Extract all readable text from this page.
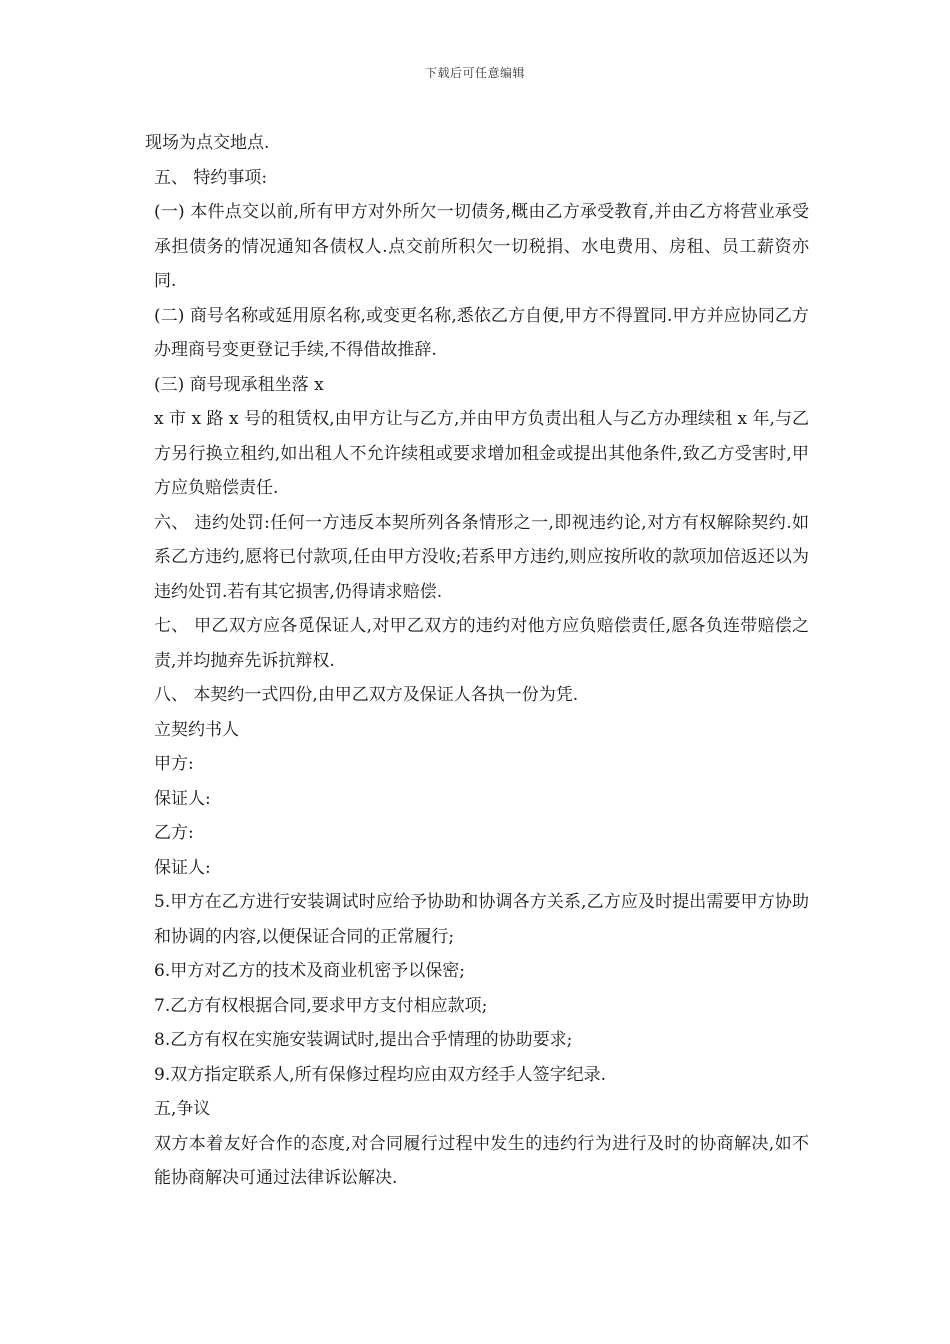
下载后可任意编辑

现场为点交地点.

五、 特约事项:

(一) 本件点交以前,所有甲方对外所欠一切债务,概由乙方承受教育,并由乙方将营业承受承担债务的情况通知各债权人.点交前所积欠一切税捐、水电费用、房租、员工薪资亦同.

(二) 商号名称或延用原名称,或变更名称,悉依乙方自便,甲方不得置同.甲方并应协同乙方办理商号变更登记手续,不得借故推辞.

(三) 商号现承租坐落 x

x 市 x 路 x 号的租赁权,由甲方让与乙方,并由甲方负责出租人与乙方办理续租 x 年,与乙方另行换立租约,如出租人不允许续租或要求增加租金或提出其他条件,致乙方受害时,甲方应负赔偿责任.

六、 违约处罚:任何一方违反本契所列各条情形之一,即视违约论,对方有权解除契约.如系乙方违约,愿将已付款项,任由甲方没收;若系甲方违约,则应按所收的款项加倍返还以为违约处罚.若有其它损害,仍得请求赔偿.

七、 甲乙双方应各觅保证人,对甲乙双方的违约对他方应负赔偿责任,愿各负连带赔偿之责,并均抛弃先诉抗辩权.

八、 本契约一式四份,由甲乙双方及保证人各执一份为凭.

立契约书人

甲方:

保证人:

乙方:

保证人:

5.甲方在乙方进行安装调试时应给予协助和协调各方关系,乙方应及时提出需要甲方协助和协调的内容,以便保证合同的正常履行;

6.甲方对乙方的技术及商业机密予以保密;

7.乙方有权根据合同,要求甲方支付相应款项;

8.乙方有权在实施安装调试时,提出合乎情理的协助要求;

9.双方指定联系人,所有保修过程均应由双方经手人签字纪录.

五,争议

双方本着友好合作的态度,对合同履行过程中发生的违约行为进行及时的协商解决,如不能协商解决可通过法律诉讼解决.
